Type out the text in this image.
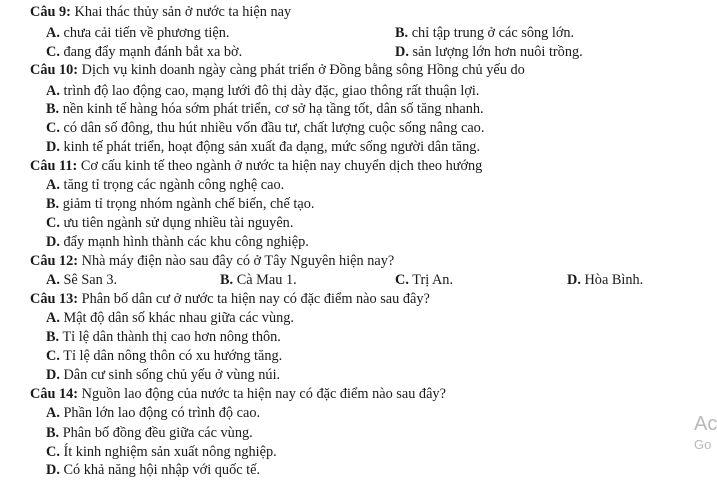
Câu 9: Khai thác thủy sản ở nước ta hiện nay
A. chưa cải tiến về phương tiện.	B. chỉ tập trung ở các sông lớn.
C. đang đẩy mạnh đánh bắt xa bờ.	D. sản lượng lớn hơn nuôi trồng.
Câu 10: Dịch vụ kinh doanh ngày càng phát triển ở Đồng bằng sông Hồng chủ yếu do
A. trình độ lao động cao, mạng lưới đô thị dày đặc, giao thông rất thuận lợi.
B. nền kinh tế hàng hóa sớm phát triển, cơ sở hạ tầng tốt, dân số tăng nhanh.
C. có dân số đông, thu hút nhiều vốn đầu tư, chất lượng cuộc sống nâng cao.
D. kinh tế phát triển, hoạt động sản xuất đa dạng, mức sống người dân tăng.
Câu 11: Cơ cấu kinh tế theo ngành ở nước ta hiện nay chuyển dịch theo hướng
A. tăng tỉ trọng các ngành công nghệ cao.
B. giảm tỉ trọng nhóm ngành chế biến, chế tạo.
C. ưu tiên ngành sử dụng nhiều tài nguyên.
D. đẩy mạnh hình thành các khu công nghiệp.
Câu 12: Nhà máy điện nào sau đây có ở Tây Nguyên hiện nay?
A. Sê San 3.	B. Cà Mau 1.	C. Trị An.	D. Hòa Bình.
Câu 13: Phân bố dân cư ở nước ta hiện nay có đặc điểm nào sau đây?
A. Mật độ dân số khác nhau giữa các vùng.
B. Tỉ lệ dân thành thị cao hơn nông thôn.
C. Tỉ lệ dân nông thôn có xu hướng tăng.
D. Dân cư sinh sống chủ yếu ở vùng núi.
Câu 14: Nguồn lao động của nước ta hiện nay có đặc điểm nào sau đây?
A. Phần lớn lao động có trình độ cao.
B. Phân bố đồng đều giữa các vùng.
C. Ít kinh nghiệm sản xuất nông nghiệp.
D. Có khả năng hội nhập với quốc tế.
Ac
Go
